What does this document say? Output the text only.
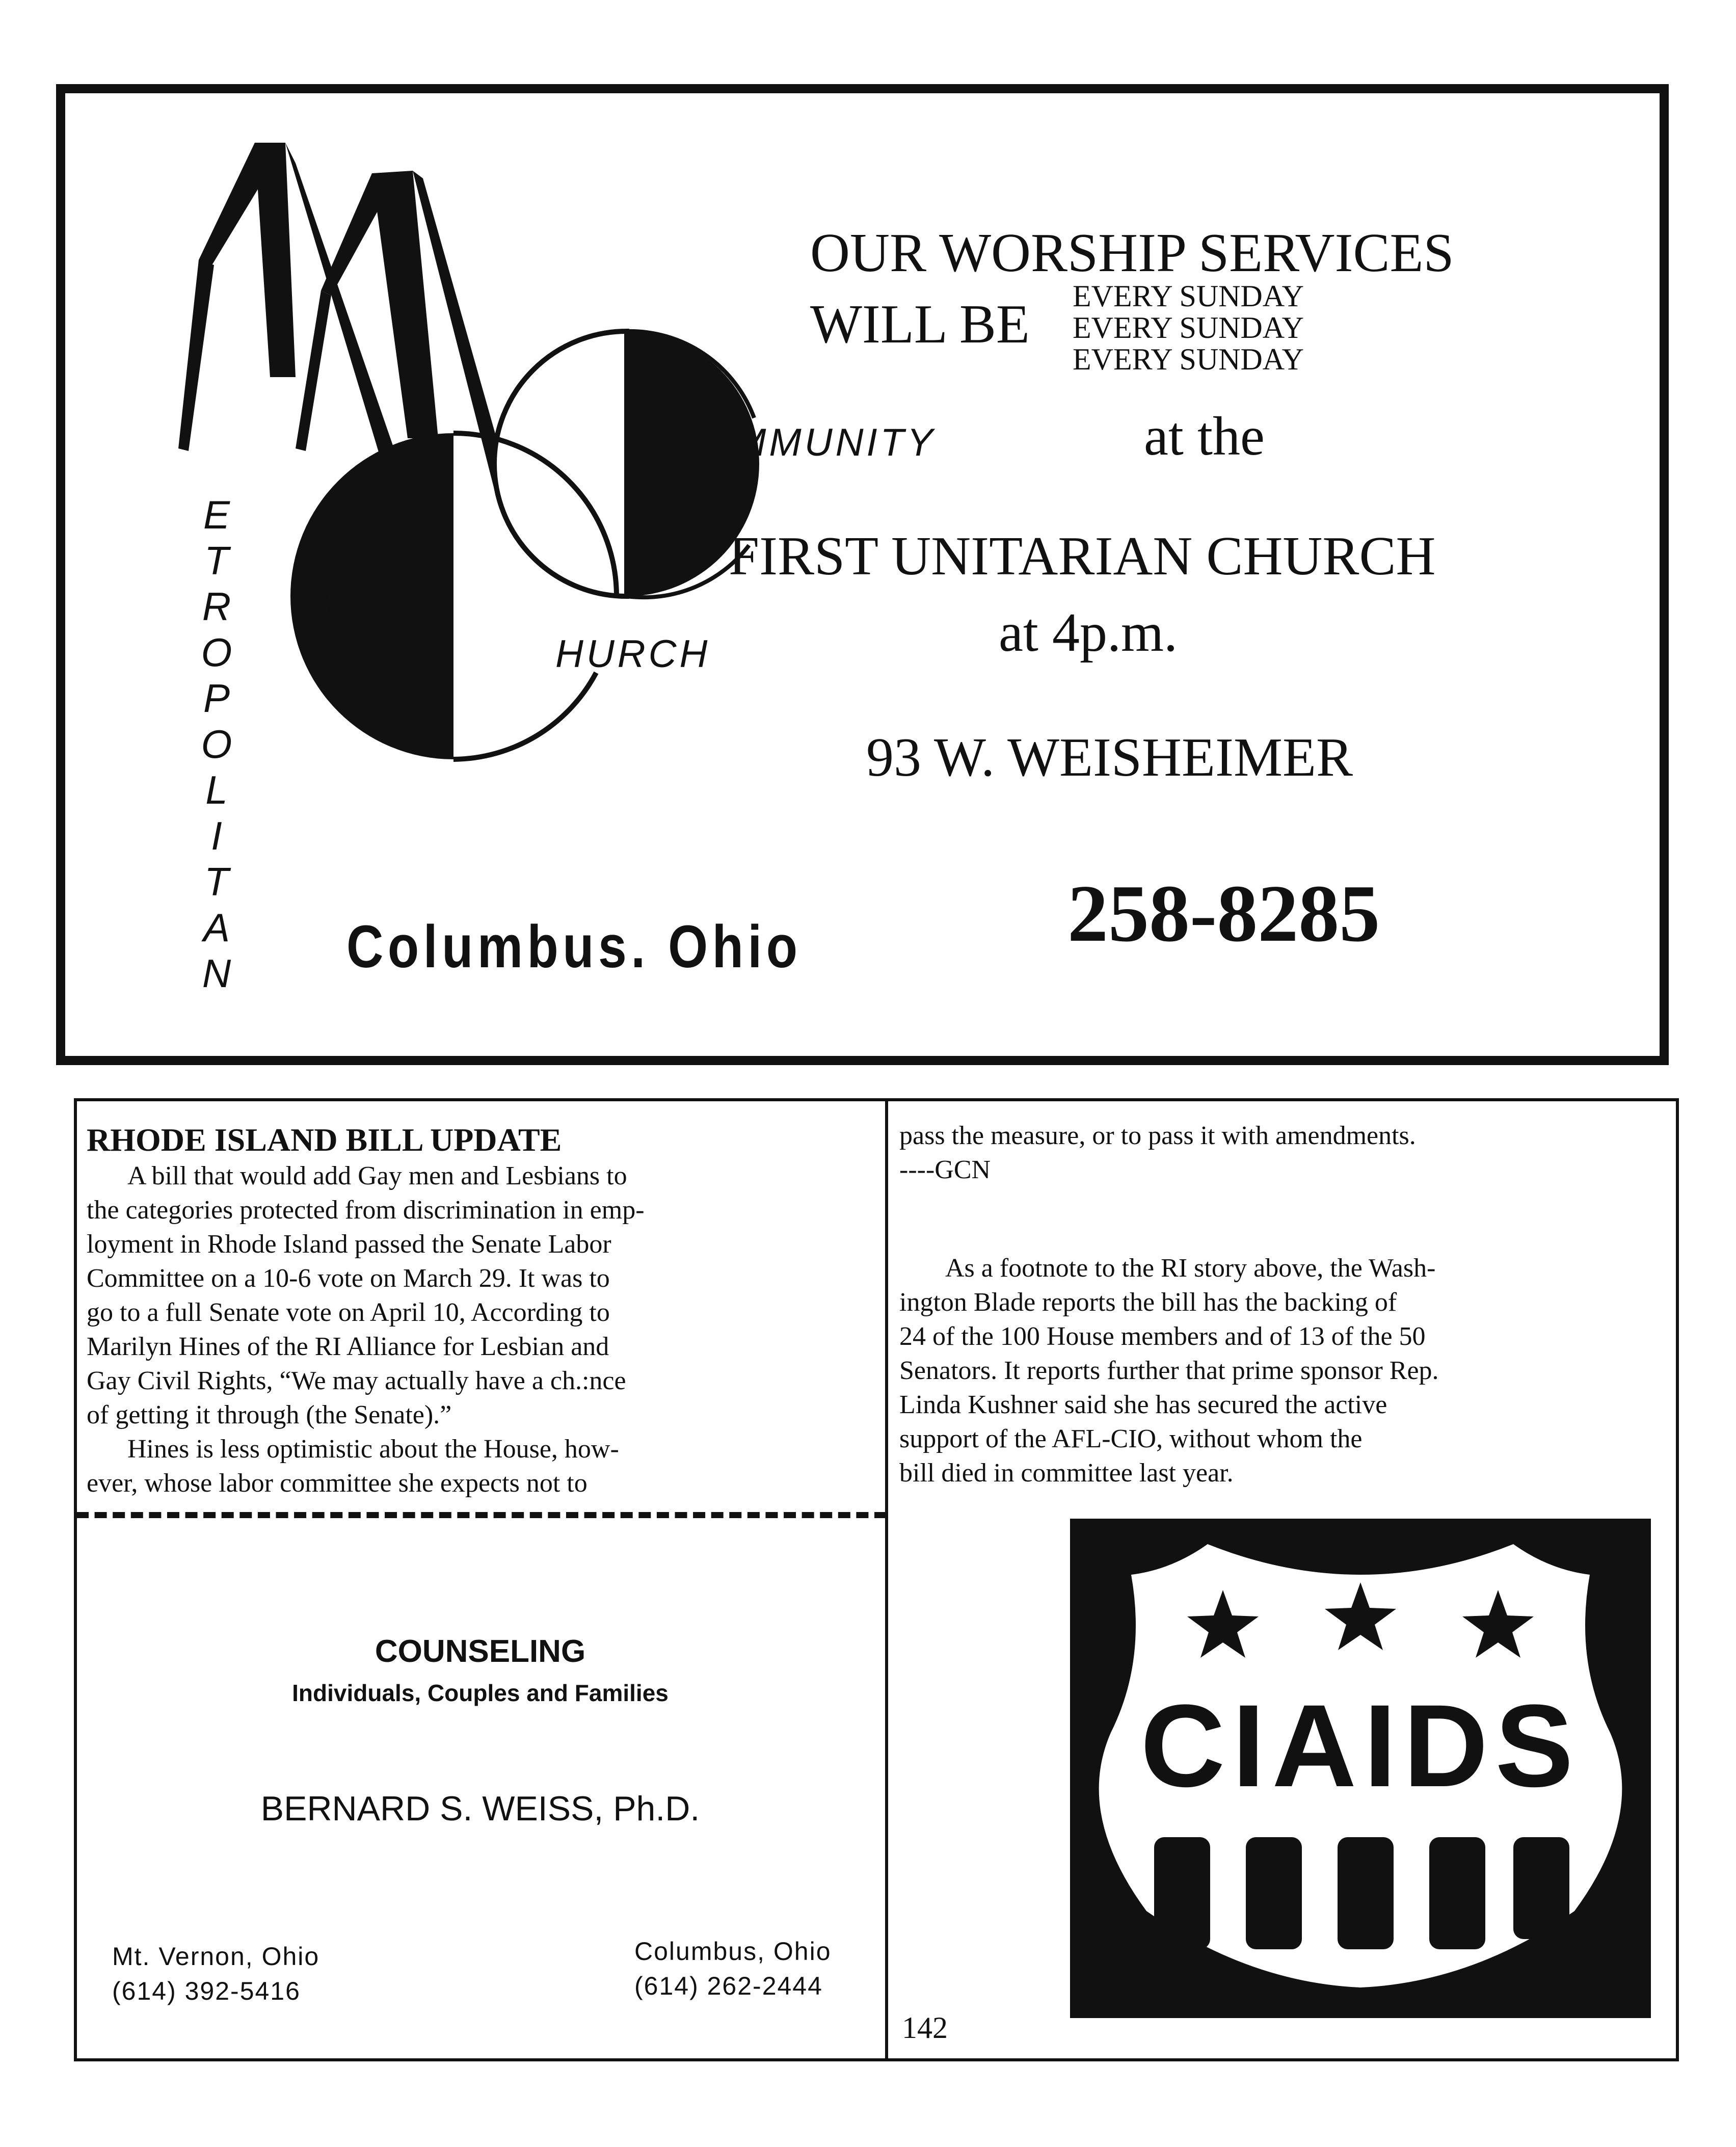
OMMUNITY
HURCH
E
T
R
O
P
O
L
I
T
A
N Columbus. Ohio
OUR WORSHIP SERVICES
WILL BE EVERY SUNDAY
EVERY SUNDAY
EVERY SUNDAY
at the
FIRST UNITARIAN CHURCH
at 4p.m.
93 W. WEISHEIMER
258-8285
RHODE ISLAND BILL UPDATE

A bill that would add Gay men and Lesbians to

the categories protected from discrimination in emp-

loyment in Rhode Island passed the Senate Labor

Committee on a 10-6 vote on March 29. It was to

go to a full Senate vote on April 10, According to

Marilyn Hines of the RI Alliance for Lesbian and

Gay Civil Rights, “We may actually have a ch.:nce

of getting it through (the Senate).”

Hines is less optimistic about the House, how-

ever, whose labor committee she expects not to

pass the measure, or to pass it with amendments.

----GCN

As a footnote to the RI story above, the Wash-

ington Blade reports the bill has the backing of

24 of the 100 House members and of 13 of the 50

Senators. It reports further that prime sponsor Rep.

Linda Kushner said she has secured the active

support of the AFL-CIO, without whom the

bill died in committee last year.

COUNSELING
Individuals, Couples and Families
BERNARD S. WEISS, Ph.D.
Mt. Vernon, Ohio
(614) 392-5416
Columbus, Ohio
(614) 262-2444
CIAIDS
142
